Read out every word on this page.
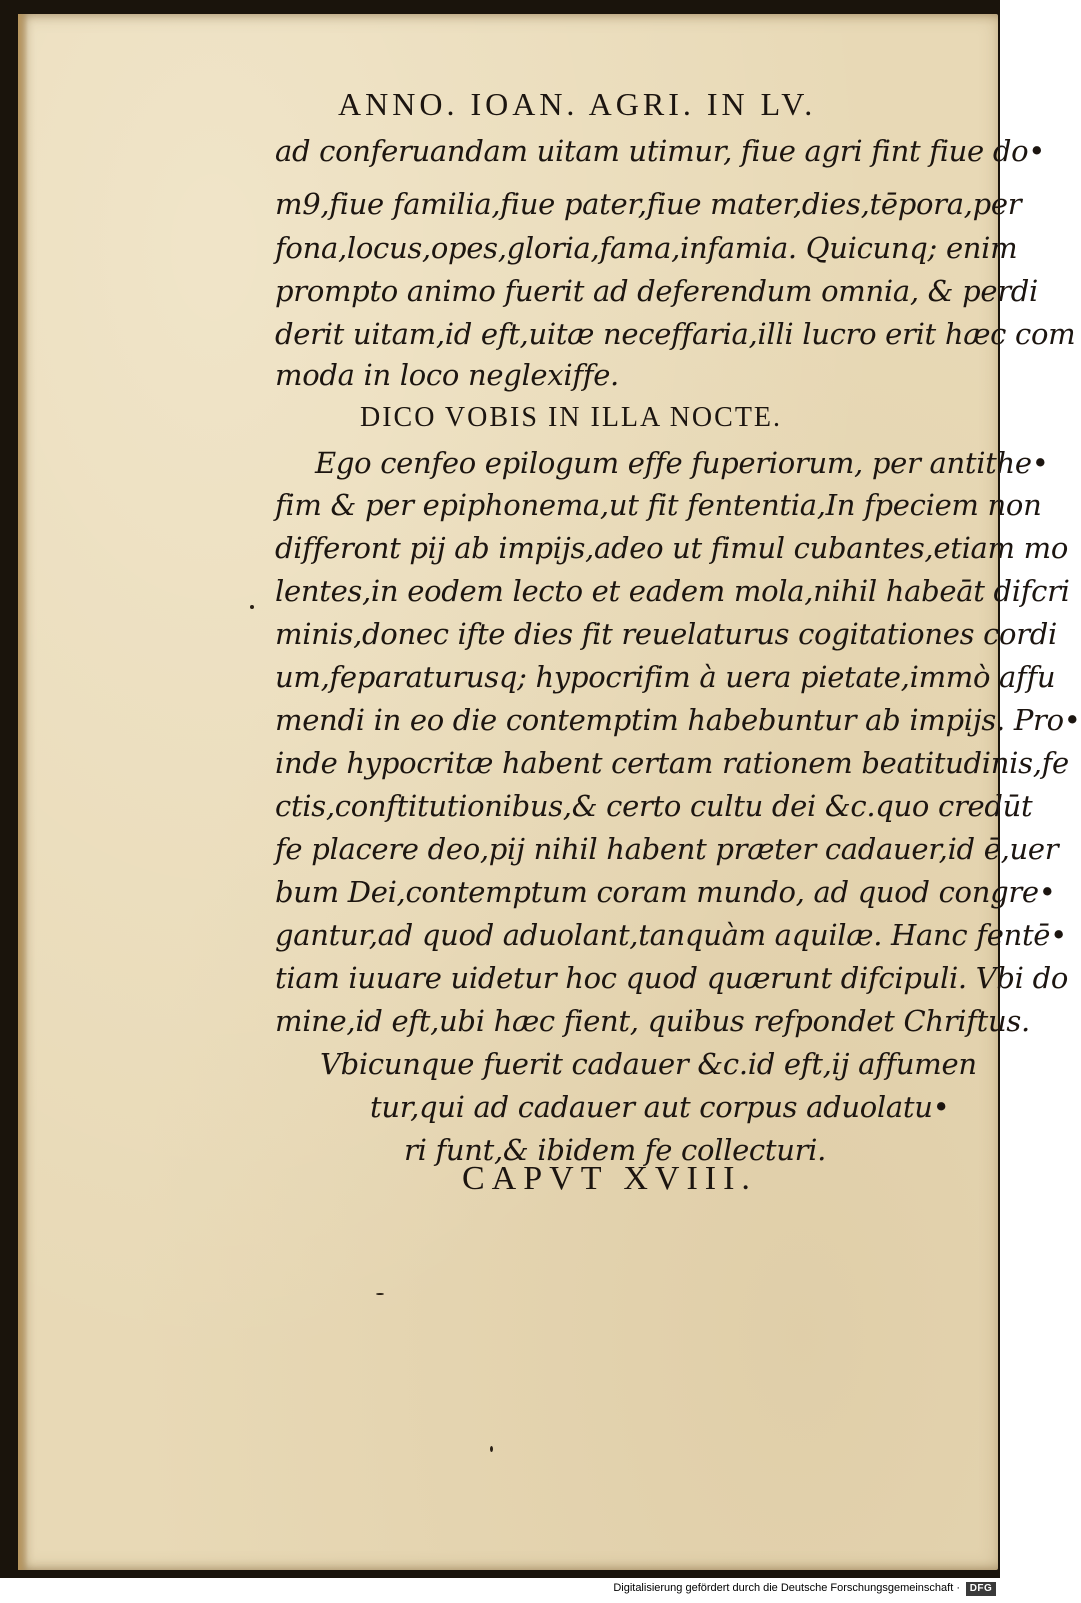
ANNO. IOAN. AGRI. IN LV.
ad conferuandam uitam utimur, fiue agri fint fiue do•
m9,fiue familia,fiue pater,fiue mater,dies,tēpora,per
fona,locus,opes,gloria,fama,infamia. Quicunq; enim
prompto animo fuerit ad deferendum omnia, & perdi
derit uitam,id eft,uitæ neceffaria,illi lucro erit hæc com
moda in loco neglexiffe.
DICO VOBIS IN ILLA NOCTE.
Ego cenfeo epilogum effe fuperiorum, per antithe•
fim & per epiphonema,ut fit fententia,In fpeciem non
differont pij ab impijs,adeo ut fimul cubantes,etiam mo
lentes,in eodem lecto et eadem mola,nihil habeāt difcri
minis,donec ifte dies fit reuelaturus cogitationes cordi
um,feparaturusq; hypocrifim à uera pietate,immò affu
mendi in eo die contemptim habebuntur ab impijs. Pro•
inde hypocritæ habent certam rationem beatitudinis,fe
ctis,conftitutionibus,& certo cultu dei &c.quo credūt
fe placere deo,pij nihil habent præter cadauer,id ē,uer
bum Dei,contemptum coram mundo, ad quod congre•
gantur,ad quod aduolant,tanquàm aquilæ. Hanc fentē•
tiam iuuare uidetur hoc quod quærunt difcipuli. Vbi do
mine,id eft,ubi hæc fient, quibus refpondet Chriftus.
Vbicunque fuerit cadauer &c.id eft,ij affumen
tur,qui ad cadauer aut corpus aduolatu•
ri funt,& ibidem fe collecturi.
CAPVT XVIII.
Digitalisierung gefördert durch die Deutsche Forschungsgemeinschaft · DFG
